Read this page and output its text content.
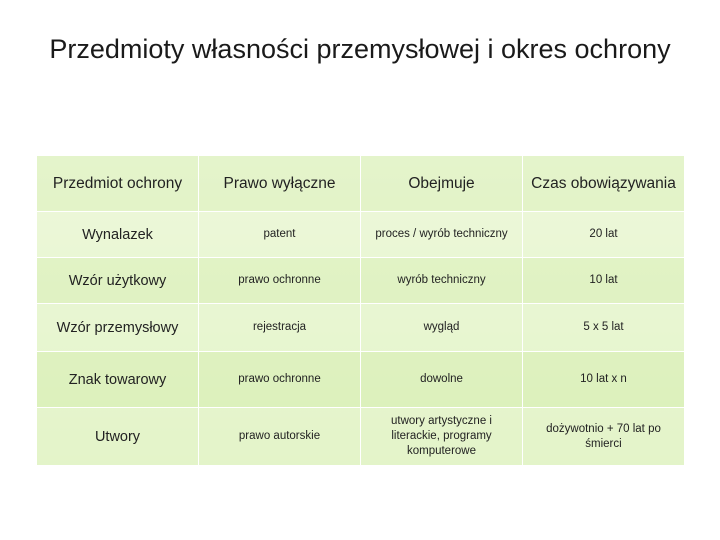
Przedmioty własności przemysłowej i okres ochrony
Przedmiot ochrony	Prawo wyłączne	Obejmuje	Czas obowiązywania
Wynalazek	patent	proces / wyrób techniczny	20 lat
Wzór użytkowy	prawo ochronne	wyrób techniczny	10 lat
Wzór przemysłowy	rejestracja	wygląd	5 x 5 lat
Znak towarowy	prawo ochronne	dowolne	10 lat x n
Utwory	prawo autorskie	utwory artystyczne i literackie, programy komputerowe	dożywotnio + 70 lat po śmierci
